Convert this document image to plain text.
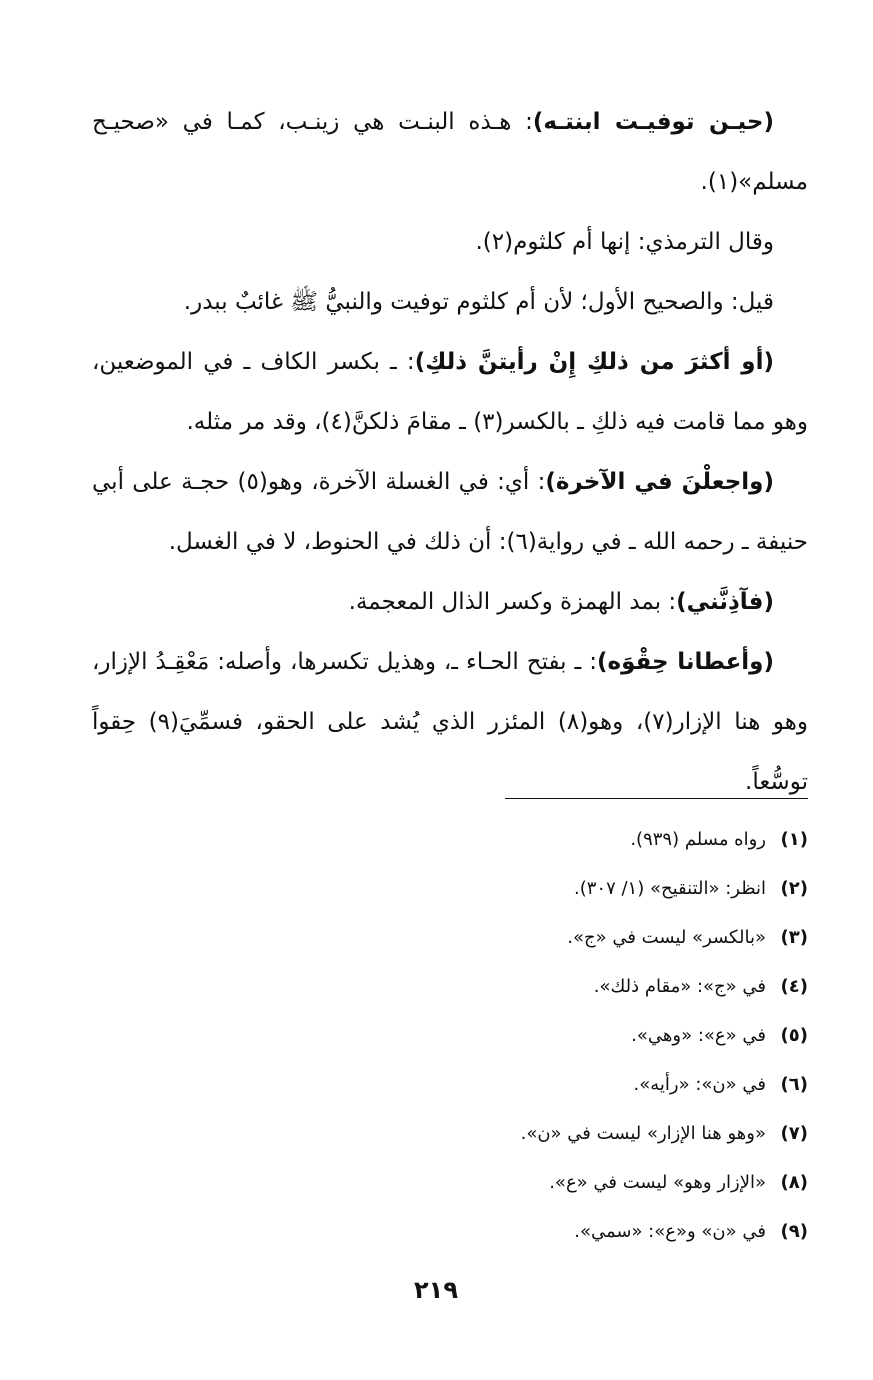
(حيـن توفيـت ابنتـه): هـذه البنـت هي زينـب، كمـا في «صحيـح مسلم»(١).

وقال الترمذي: إنها أم كلثوم(٢).

قيل: والصحيح الأول؛ لأن أم كلثوم توفيت والنبيُّ ﷺ غائبٌ ببدر.

(أو أكثرَ من ذلكِ إِنْ رأيتنَّ ذلكِ): ـ بكسر الكاف ـ في الموضعين، وهو مما قامت فيه ذلكِ ـ بالكسر(٣) ـ مقامَ ذلكنَّ(٤)، وقد مر مثله.

(واجعلْنَ في الآخرة): أي: في الغسلة الآخرة، وهو(٥) حجـة على أبي حنيفة ـ رحمه الله ـ في رواية(٦): أن ذلك في الحنوط، لا في الغسل.

(فآذِنَّني): بمد الهمزة وكسر الذال المعجمة.

(وأعطانا حِقْوَه): ـ بفتح الحـاء ـ، وهذيل تكسرها، وأصله: مَعْقِـدُ الإزار، وهو هنا الإزار(٧)، وهو(٨) المئزر الذي يُشد على الحقو، فسمِّيَ(٩) حِقواً توسُّعاً.

(١)رواه مسلم (٩٣٩).
(٢)انظر: «التنقيح» (١/ ٣٠٧).
(٣)«بالكسر» ليست في «ج».
(٤)في «ج»: «مقام ذلك».
(٥)في «ع»: «وهي».
(٦)في «ن»: «رأيه».
(٧)«وهو هنا الإزار» ليست في «ن».
(٨)«الإزار وهو» ليست في «ع».
(٩)في «ن» و«ع»: «سمي».
٢١٩
